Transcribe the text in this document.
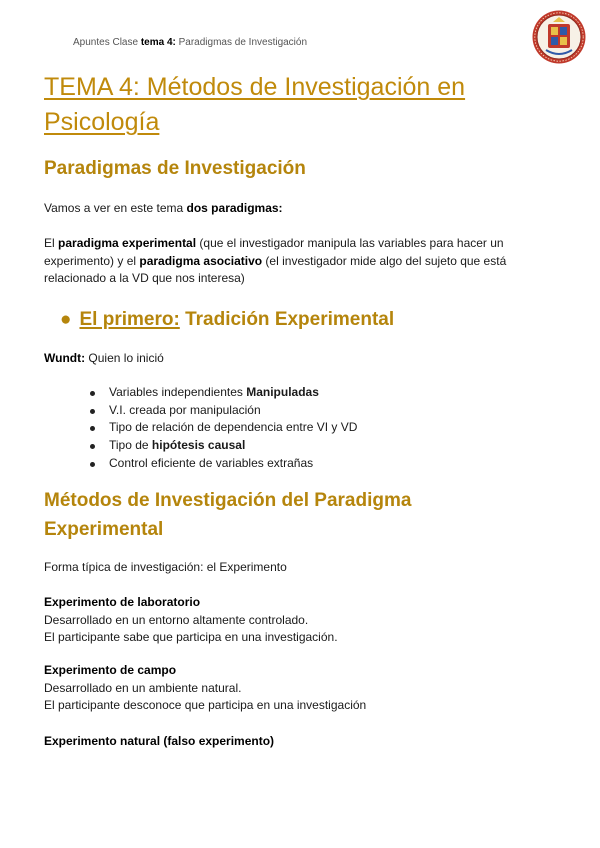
Apuntes Clase tema 4: Paradigmas de Investigación
TEMA 4: Métodos de Investigación en Psicología
Paradigmas de Investigación

Vamos a ver en este tema dos paradigmas:

El paradigma experimental (que el investigador manipula las variables para hacer un experimento) y el paradigma asociativo (el investigador mide algo del sujeto que está relacionado a la VD que nos interesa)

● El primero: Tradición Experimental

Wundt: Quien lo inició

Variables independientes Manipuladas
V.I. creada por manipulación
Tipo de relación de dependencia entre VI y VD
Tipo de hipótesis causal
Control eficiente de variables extrañas
Métodos de Investigación del Paradigma
Experimental

Forma típica de investigación: el Experimento

Experimento de laboratorio
Desarrollado en un entorno altamente controlado.
El participante sabe que participa en una investigación.

Experimento de campo
Desarrollado en un ambiente natural.
El participante desconoce que participa en una investigación

Experimento natural (falso experimento)
